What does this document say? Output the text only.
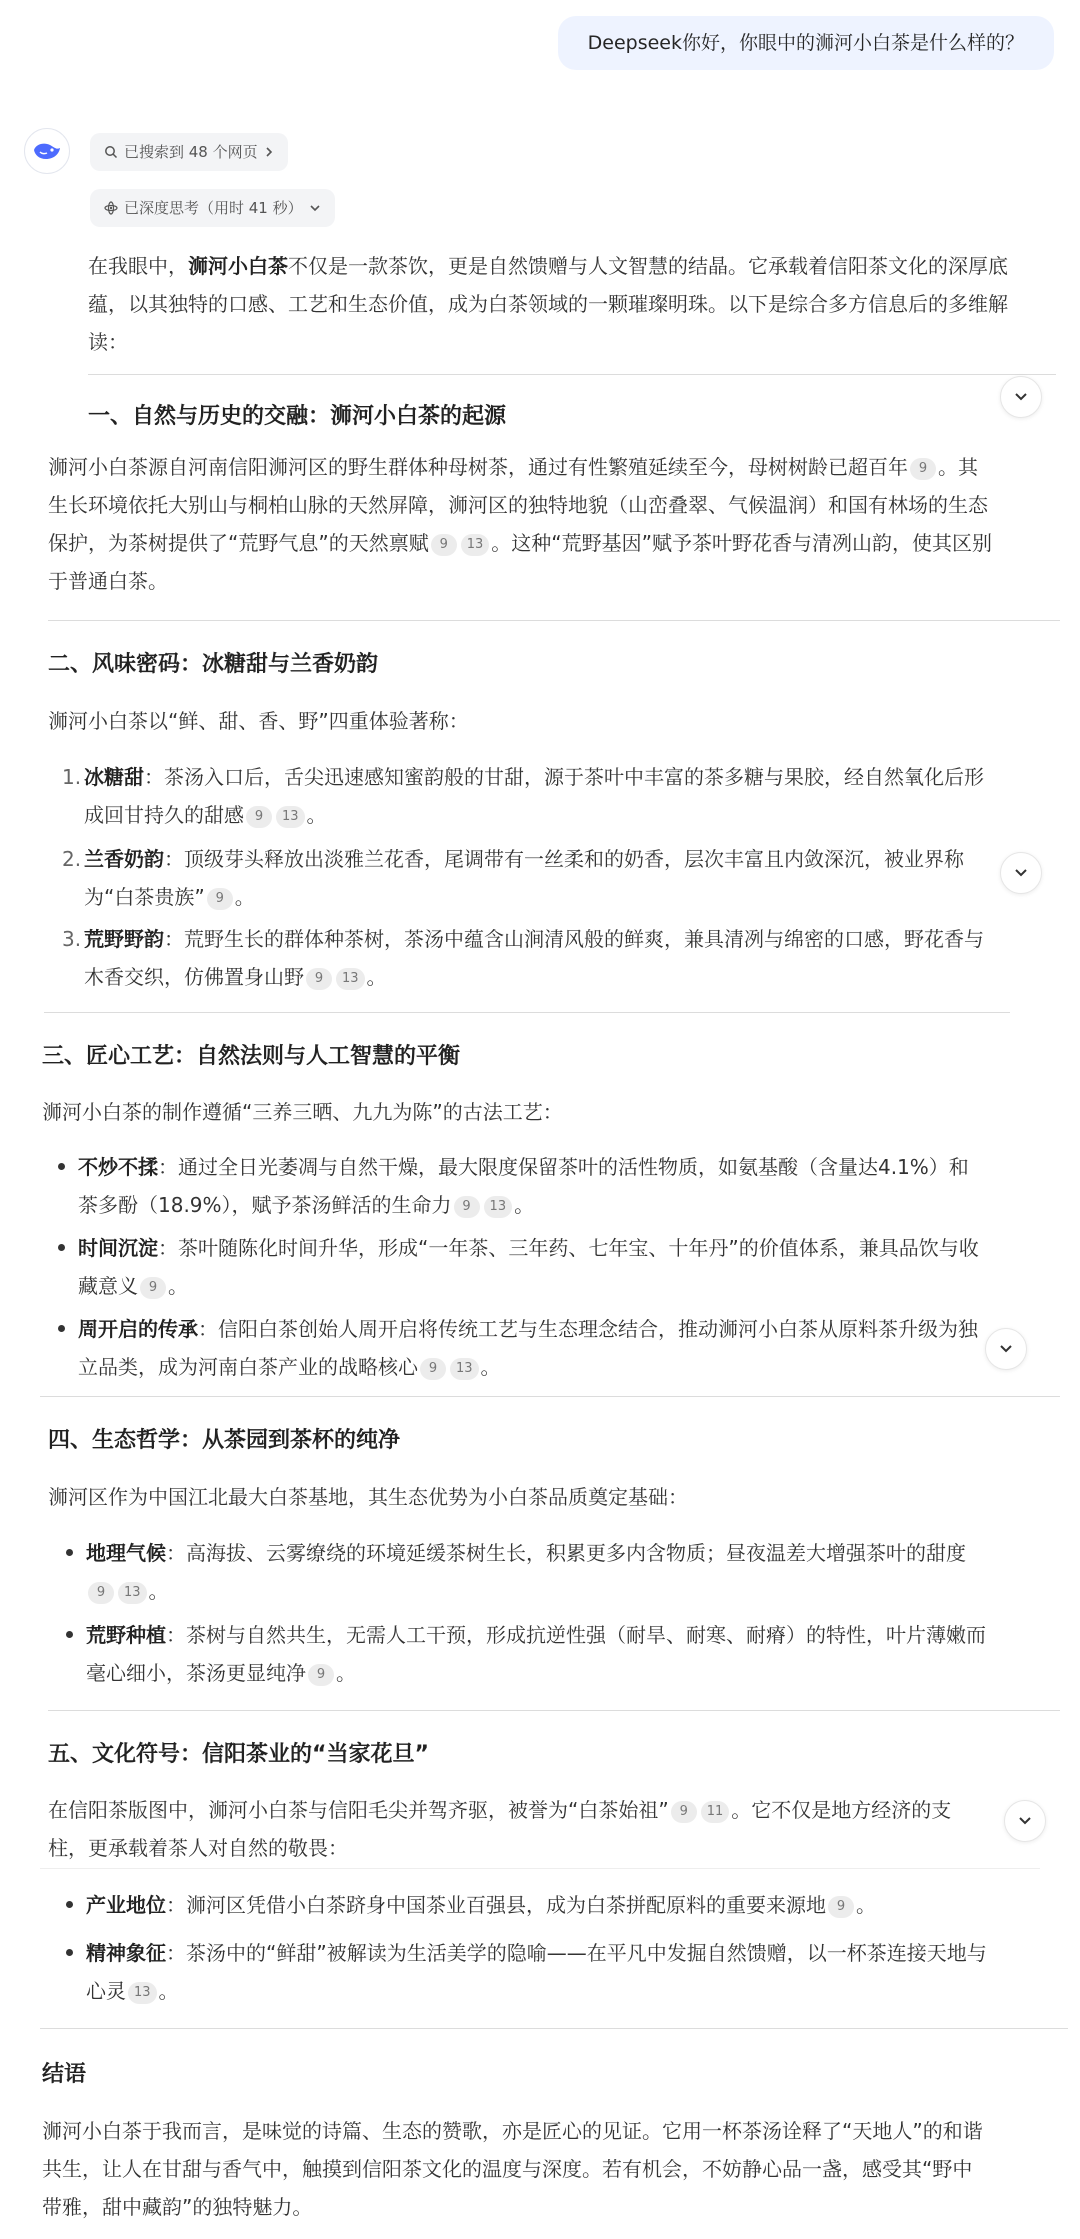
Deepseek你好，你眼中的浉河小白茶是什么样的？
已搜索到 48 个网页
已深度思考（用时 41 秒）

在我眼中，浉河小白茶不仅是一款茶饮，更是自然馈赠与人文智慧的结晶。它承载着信阳茶文化的深厚底
蕴，以其独特的口感、工艺和生态价值，成为白茶领域的一颗璀璨明珠。以下是综合多方信息后的多维解
读：

一、自然与历史的交融：浉河小白茶的起源

浉河小白茶源自河南信阳浉河区的野生群体种母树茶，通过有性繁殖延续至今，母树树龄已超百年 9 。其
生长环境依托大别山与桐柏山脉的天然屏障，浉河区的独特地貌（山峦叠翠、气候温润）和国有林场的生态
保护，为茶树提供了“荒野气息”的天然禀赋 9 13 。这种“荒野基因”赋予茶叶野花香与清冽山韵，使其区别
于普通白茶。

二、风味密码：冰糖甜与兰香奶韵

浉河小白茶以“鲜、甜、香、野”四重体验著称：

1. 冰糖甜：茶汤入口后，舌尖迅速感知蜜韵般的甘甜，源于茶叶中丰富的茶多糖与果胶，经自然氧化后形
成回甘持久的甜感 9 13 。
2. 兰香奶韵：顶级芽头释放出淡雅兰花香，尾调带有一丝柔和的奶香，层次丰富且内敛深沉，被业界称
为“白茶贵族” 9 。
3. 荒野野韵：荒野生长的群体种茶树，茶汤中蕴含山涧清风般的鲜爽，兼具清冽与绵密的口感，野花香与
木香交织，仿佛置身山野 9 13 。
三、匠心工艺：自然法则与人工智慧的平衡

浉河小白茶的制作遵循“三养三晒、九九为陈”的古法工艺：

不炒不揉：通过全日光萎凋与自然干燥，最大限度保留茶叶的活性物质，如氨基酸（含量达4.1%）和
茶多酚（18.9%），赋予茶汤鲜活的生命力 9 13 。
时间沉淀：茶叶随陈化时间升华，形成“一年茶、三年药、七年宝、十年丹”的价值体系，兼具品饮与收
藏意义 9 。
周开启的传承：信阳白茶创始人周开启将传统工艺与生态理念结合，推动浉河小白茶从原料茶升级为独
立品类，成为河南白茶产业的战略核心 9 13 。
四、生态哲学：从茶园到茶杯的纯净

浉河区作为中国江北最大白茶基地，其生态优势为小白茶品质奠定基础：

地理气候：高海拔、云雾缭绕的环境延缓茶树生长，积累更多内含物质；昼夜温差大增强茶叶的甜度
9 13 。
荒野种植：茶树与自然共生，无需人工干预，形成抗逆性强（耐旱、耐寒、耐瘠）的特性，叶片薄嫩而
毫心细小，茶汤更显纯净 9 。
五、文化符号：信阳茶业的“当家花旦”

在信阳茶版图中，浉河小白茶与信阳毛尖并驾齐驱，被誉为“白茶始祖” 9 11 。它不仅是地方经济的支
柱，更承载着茶人对自然的敬畏：

产业地位：浉河区凭借小白茶跻身中国茶业百强县，成为白茶拼配原料的重要来源地 9 。
精神象征：茶汤中的“鲜甜”被解读为生活美学的隐喻——在平凡中发掘自然馈赠，以一杯茶连接天地与
心灵 13 。
结语

浉河小白茶于我而言，是味觉的诗篇、生态的赞歌，亦是匠心的见证。它用一杯茶汤诠释了“天地人”的和谐
共生，让人在甘甜与香气中，触摸到信阳茶文化的温度与深度。若有机会，不妨静心品一盏，感受其“野中
带雅，甜中藏韵”的独特魅力。
